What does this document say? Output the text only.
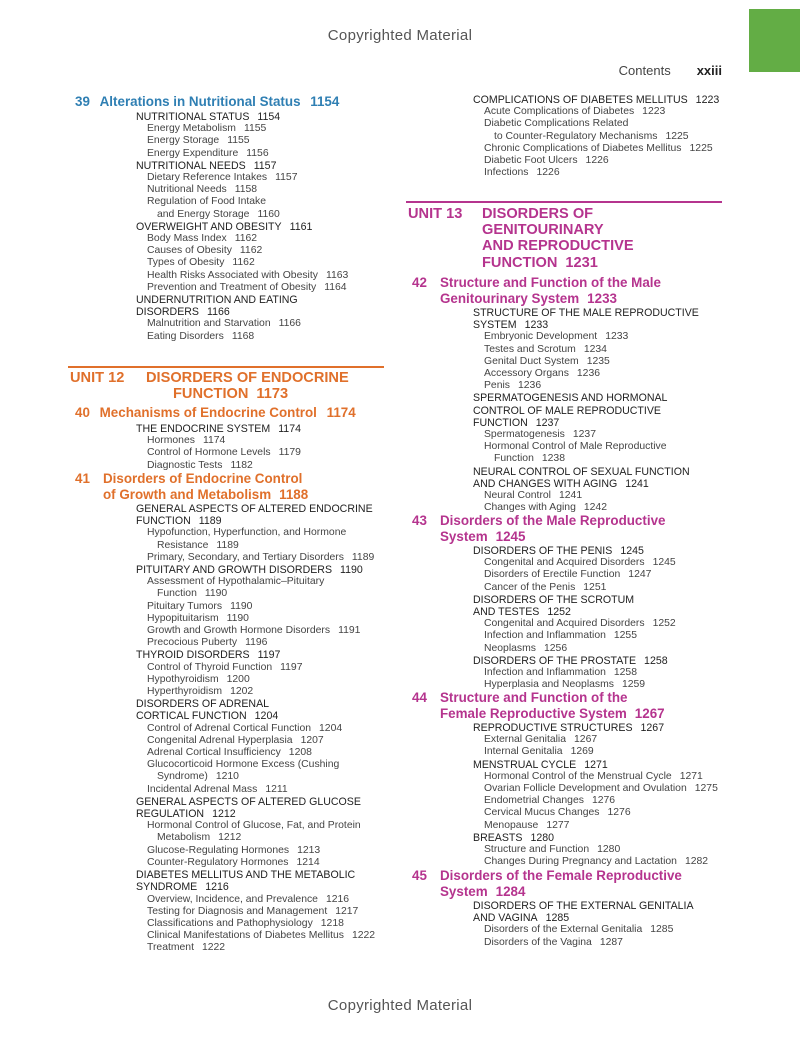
Copyrighted Material
Contents xxiii
39 Alterations in Nutritional Status 1154
NUTRITIONAL STATUS 1154
Energy Metabolism 1155
Energy Storage 1155
Energy Expenditure 1156
NUTRITIONAL NEEDS 1157
Dietary Reference Intakes 1157
Nutritional Needs 1158
Regulation of Food Intake
and Energy Storage 1160
OVERWEIGHT AND OBESITY 1161
Body Mass Index 1162
Causes of Obesity 1162
Types of Obesity 1162
Health Risks Associated with Obesity 1163
Prevention and Treatment of Obesity 1164
UNDERNUTRITION AND EATING
DISORDERS 1166
Malnutrition and Starvation 1166
Eating Disorders 1168
UNIT 12 DISORDERS OF ENDOCRINE
FUNCTION 1173
40 Mechanisms of Endocrine Control 1174
THE ENDOCRINE SYSTEM 1174
Hormones 1174
Control of Hormone Levels 1179
Diagnostic Tests 1182
41 Disorders of Endocrine Control
of Growth and Metabolism 1188
GENERAL ASPECTS OF ALTERED ENDOCRINE
FUNCTION 1189
Hypofunction, Hyperfunction, and Hormone
Resistance 1189
Primary, Secondary, and Tertiary Disorders 1189
PITUITARY AND GROWTH DISORDERS 1190
Assessment of Hypothalamic–Pituitary
Function 1190
Pituitary Tumors 1190
Hypopituitarism 1190
Growth and Growth Hormone Disorders 1191
Precocious Puberty 1196
THYROID DISORDERS 1197
Control of Thyroid Function 1197
Hypothyroidism 1200
Hyperthyroidism 1202
DISORDERS OF ADRENAL
CORTICAL FUNCTION 1204
Control of Adrenal Cortical Function 1204
Congenital Adrenal Hyperplasia 1207
Adrenal Cortical Insufficiency 1208
Glucocorticoid Hormone Excess (Cushing
Syndrome) 1210
Incidental Adrenal Mass 1211
GENERAL ASPECTS OF ALTERED GLUCOSE
REGULATION 1212
Hormonal Control of Glucose, Fat, and Protein
Metabolism 1212
Glucose-Regulating Hormones 1213
Counter-Regulatory Hormones 1214
DIABETES MELLITUS AND THE METABOLIC
SYNDROME 1216
Overview, Incidence, and Prevalence 1216
Testing for Diagnosis and Management 1217
Classifications and Pathophysiology 1218
Clinical Manifestations of Diabetes Mellitus 1222
Treatment 1222
COMPLICATIONS OF DIABETES MELLITUS 1223
Acute Complications of Diabetes 1223
Diabetic Complications Related
to Counter-Regulatory Mechanisms 1225
Chronic Complications of Diabetes Mellitus 1225
Diabetic Foot Ulcers 1226
Infections 1226
UNIT 13 DISORDERS OF
GENITOURINARY
AND REPRODUCTIVE
FUNCTION 1231
42 Structure and Function of the Male
Genitourinary System 1233
STRUCTURE OF THE MALE REPRODUCTIVE
SYSTEM 1233
Embryonic Development 1233
Testes and Scrotum 1234
Genital Duct System 1235
Accessory Organs 1236
Penis 1236
SPERMATOGENESIS AND HORMONAL
CONTROL OF MALE REPRODUCTIVE
FUNCTION 1237
Spermatogenesis 1237
Hormonal Control of Male Reproductive
Function 1238
NEURAL CONTROL OF SEXUAL FUNCTION
AND CHANGES WITH AGING 1241
Neural Control 1241
Changes with Aging 1242
43 Disorders of the Male Reproductive
System 1245
DISORDERS OF THE PENIS 1245
Congenital and Acquired Disorders 1245
Disorders of Erectile Function 1247
Cancer of the Penis 1251
DISORDERS OF THE SCROTUM
AND TESTES 1252
Congenital and Acquired Disorders 1252
Infection and Inflammation 1255
Neoplasms 1256
DISORDERS OF THE PROSTATE 1258
Infection and Inflammation 1258
Hyperplasia and Neoplasms 1259
44 Structure and Function of the
Female Reproductive System 1267
REPRODUCTIVE STRUCTURES 1267
External Genitalia 1267
Internal Genitalia 1269
MENSTRUAL CYCLE 1271
Hormonal Control of the Menstrual Cycle 1271
Ovarian Follicle Development and Ovulation 1275
Endometrial Changes 1276
Cervical Mucus Changes 1276
Menopause 1277
BREASTS 1280
Structure and Function 1280
Changes During Pregnancy and Lactation 1282
45 Disorders of the Female Reproductive
System 1284
DISORDERS OF THE EXTERNAL GENITALIA
AND VAGINA 1285
Disorders of the External Genitalia 1285
Disorders of the Vagina 1287
Copyrighted Material
